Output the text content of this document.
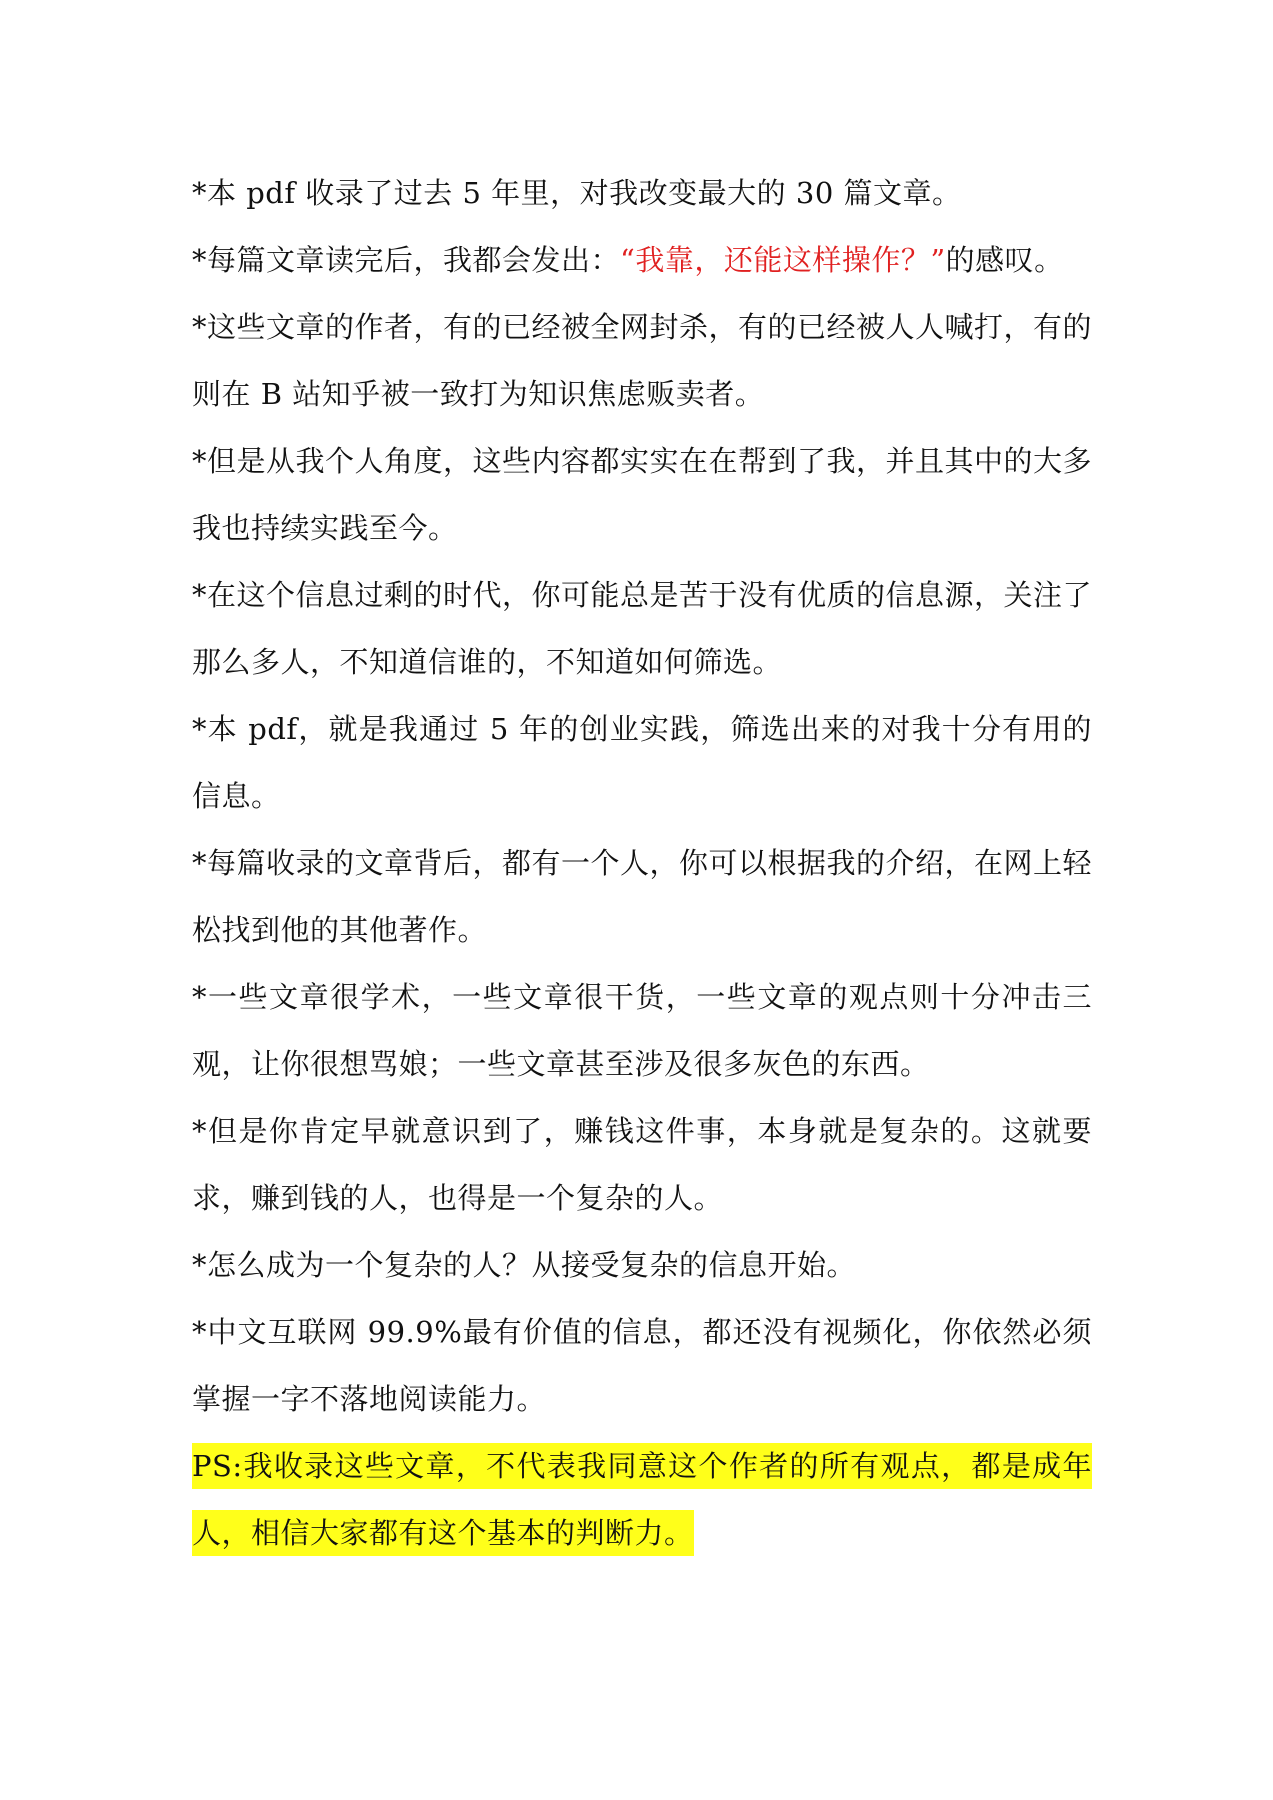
*本 pdf 收录了过去 5 年里，对我改变最大的 30 篇文章。

*每篇文章读完后，我都会发出：“我靠，还能这样操作？”的感叹。

*这些文章的作者，有的已经被全网封杀，有的已经被人人喊打，有的则在 B 站知乎被一致打为知识焦虑贩卖者。

*但是从我个人角度，这些内容都实实在在帮到了我，并且其中的大多我也持续实践至今。

*在这个信息过剩的时代，你可能总是苦于没有优质的信息源，关注了那么多人，不知道信谁的，不知道如何筛选。

*本 pdf，就是我通过 5 年的创业实践，筛选出来的对我十分有用的信息。

*每篇收录的文章背后，都有一个人，你可以根据我的介绍，在网上轻松找到他的其他著作。

*一些文章很学术，一些文章很干货，一些文章的观点则十分冲击三观，让你很想骂娘；一些文章甚至涉及很多灰色的东西。

*但是你肯定早就意识到了，赚钱这件事，本身就是复杂的。这就要求，赚到钱的人，也得是一个复杂的人。

*怎么成为一个复杂的人？从接受复杂的信息开始。

*中文互联网 99.9%最有价值的信息，都还没有视频化，你依然必须掌握一字不落地阅读能力。

PS:我收录这些文章，不代表我同意这个作者的所有观点，都是成年人，相信大家都有这个基本的判断力。
